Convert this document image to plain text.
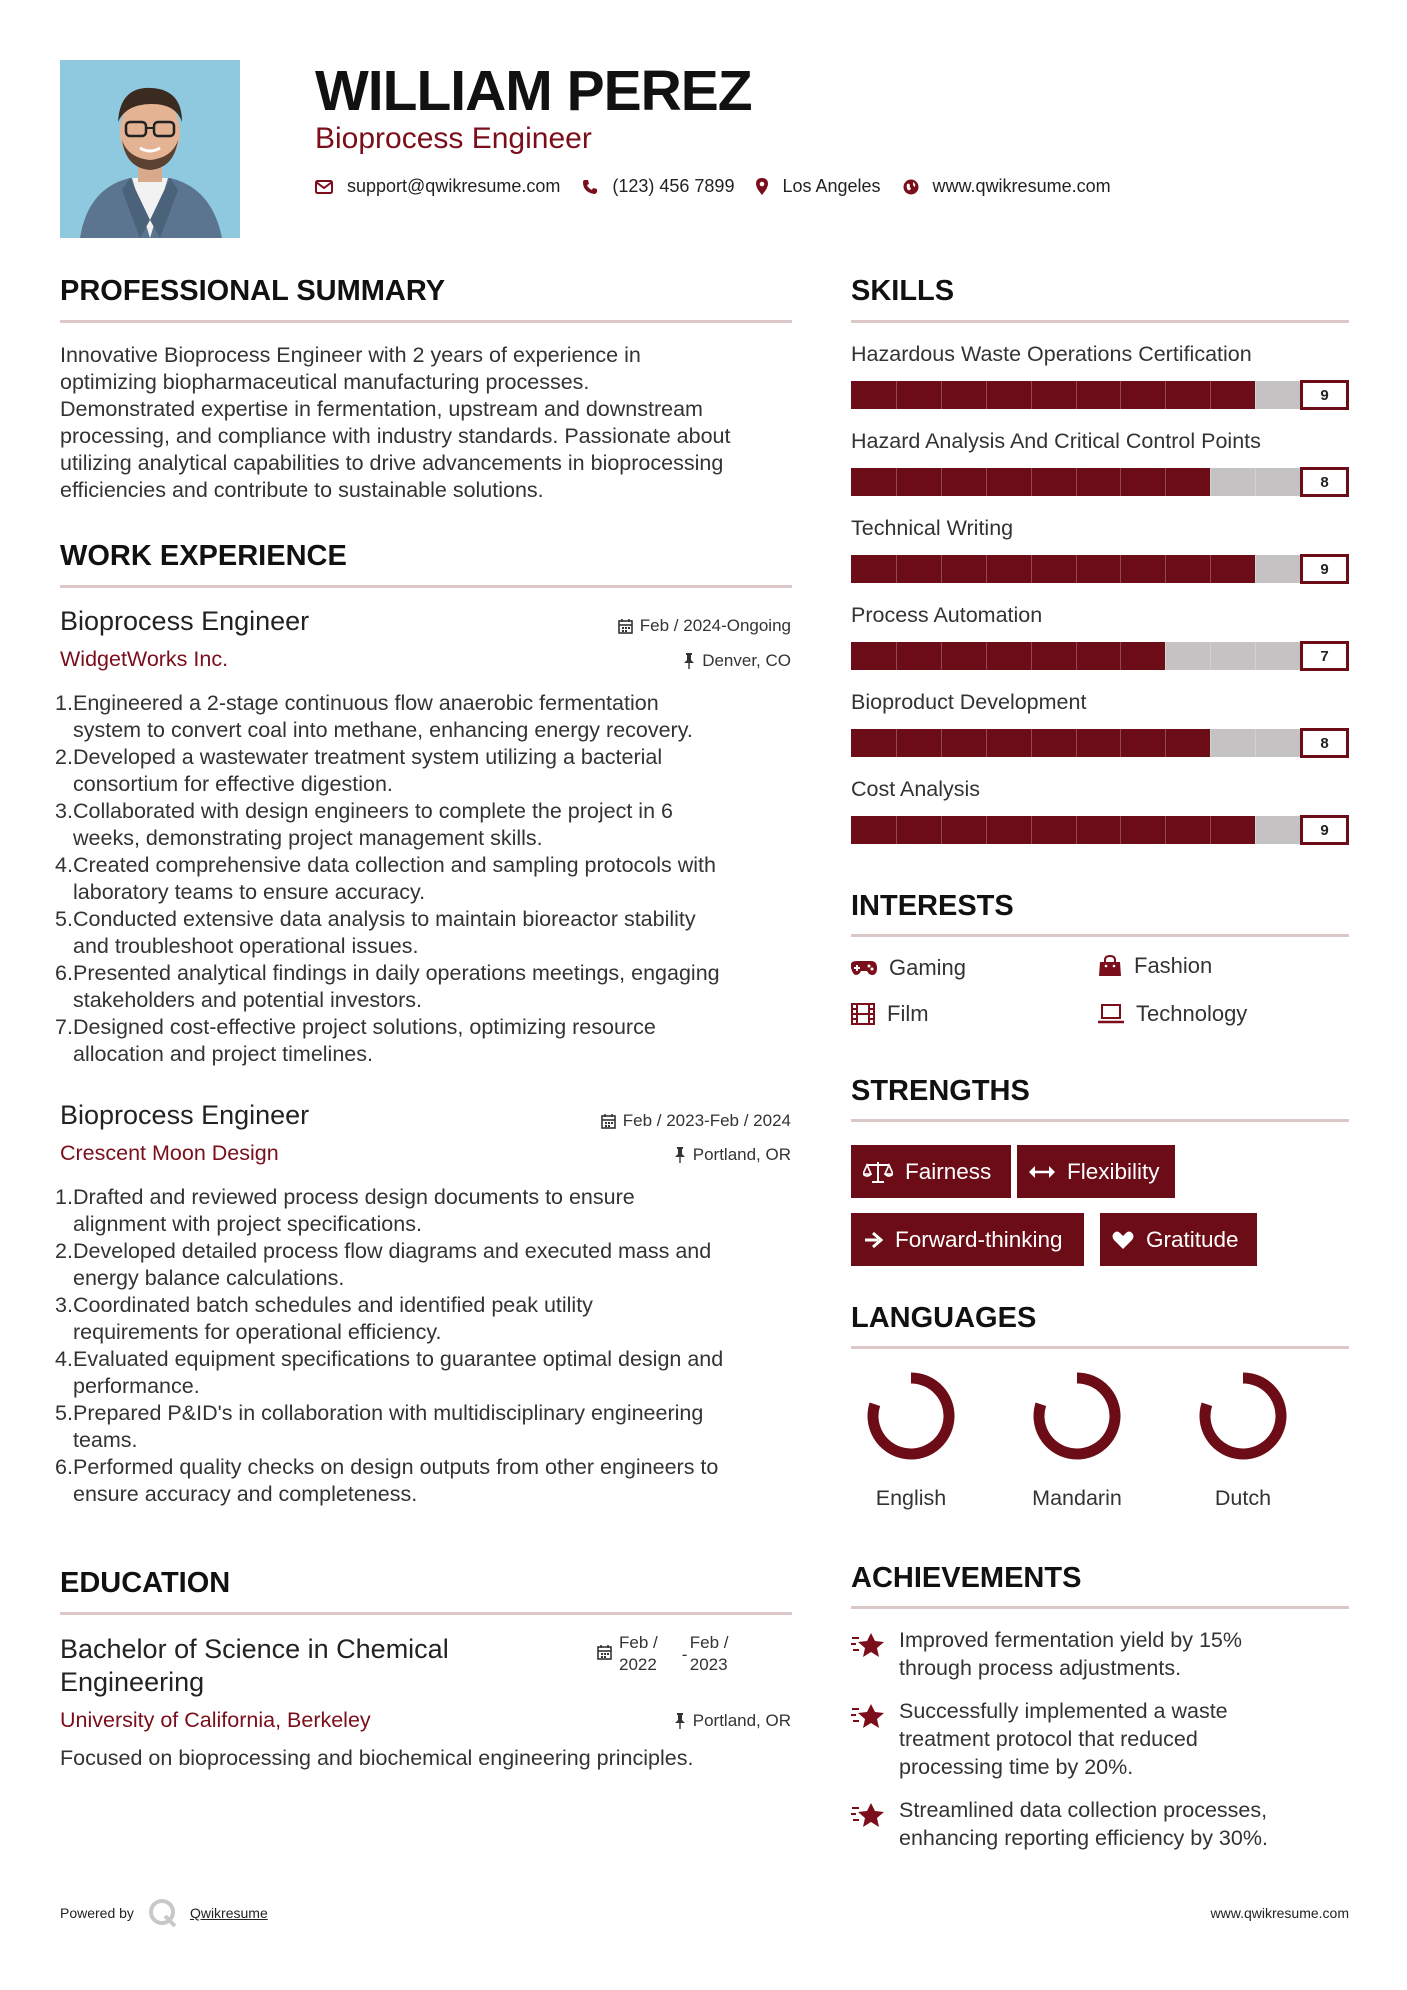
WILLIAM PEREZ
Bioprocess Engineer
support@qwikresume.com	(123) 456 7899	Los Angeles	www.qwikresume.com
PROFESSIONAL SUMMARY
Innovative Bioprocess Engineer with 2 years of experience in
optimizing biopharmaceutical manufacturing processes.
Demonstrated expertise in fermentation, upstream and downstream
processing, and compliance with industry standards. Passionate about
utilizing analytical capabilities to drive advancements in bioprocessing
efficiencies and contribute to sustainable solutions.
WORK EXPERIENCE
Bioprocess Engineer	Feb / 2024-Ongoing
WidgetWorks Inc.	Denver, CO
1. Engineered a 2-stage continuous flow anaerobic fermentation
system to convert coal into methane, enhancing energy recovery.
2. Developed a wastewater treatment system utilizing a bacterial
consortium for effective digestion.
3. Collaborated with design engineers to complete the project in 6
weeks, demonstrating project management skills.
4. Created comprehensive data collection and sampling protocols with
laboratory teams to ensure accuracy.
5. Conducted extensive data analysis to maintain bioreactor stability
and troubleshoot operational issues.
6. Presented analytical findings in daily operations meetings, engaging
stakeholders and potential investors.
7. Designed cost-effective project solutions, optimizing resource
allocation and project timelines.
Bioprocess Engineer	Feb / 2023-Feb / 2024
Crescent Moon Design	Portland, OR
1. Drafted and reviewed process design documents to ensure
alignment with project specifications.
2. Developed detailed process flow diagrams and executed mass and
energy balance calculations.
3. Coordinated batch schedules and identified peak utility
requirements for operational efficiency.
4. Evaluated equipment specifications to guarantee optimal design and
performance.
5. Prepared P&ID's in collaboration with multidisciplinary engineering
teams.
6. Performed quality checks on design outputs from other engineers to
ensure accuracy and completeness.
EDUCATION
Bachelor of Science in Chemical
Engineering
Feb /
2022
-
Feb /
2023
University of California, Berkeley	Portland, OR
Focused on bioprocessing and biochemical engineering principles.
SKILLS
Hazardous Waste Operations Certification
9
Hazard Analysis And Critical Control Points
8
Technical Writing
9
Process Automation
7
Bioproduct Development
8
Cost Analysis
9
INTERESTS
Gaming	Fashion
Film	Technology
STRENGTHS
Fairness	Flexibility
Forward-thinking	Gratitude
LANGUAGES
English	Mandarin	Dutch
ACHIEVEMENTS
Improved fermentation yield by 15%
through process adjustments.
Successfully implemented a waste
treatment protocol that reduced
processing time by 20%.
Streamlined data collection processes,
enhancing reporting efficiency by 30%.
Powered by	Qwikresume	www.qwikresume.com
